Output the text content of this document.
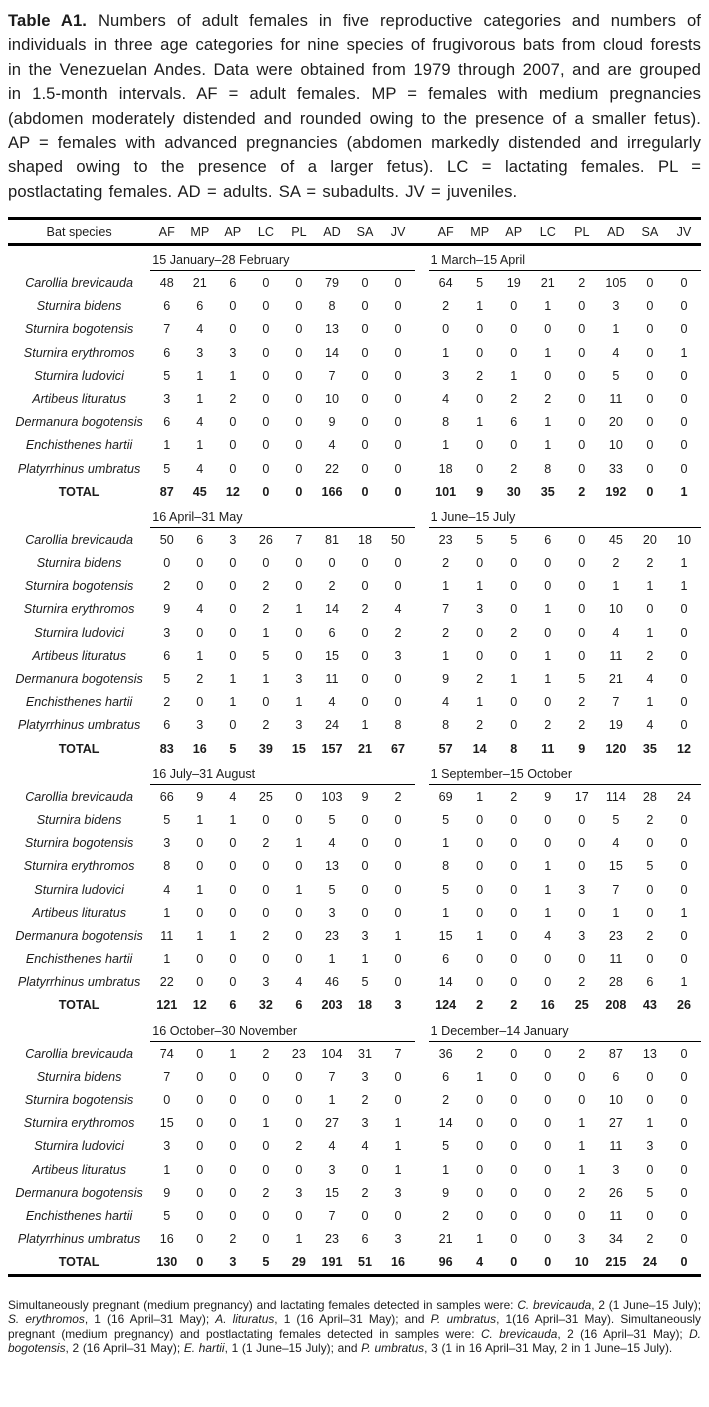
Table A1. Numbers of adult females in five reproductive categories and numbers of individuals in three age categories for nine species of frugivorous bats from cloud forests in the Venezuelan Andes. Data were obtained from 1979 through 2007, and are grouped in 1.5-month intervals. AF = adult females. MP = females with medium pregnancies (abdomen moderately distended and rounded owing to the presence of a smaller fetus). AP = females with advanced pregnancies (abdomen markedly distended and irregularly shaped owing to the presence of a larger fetus). LC = lactating females. PL = postlactating females. AD = adults. SA = subadults. JV = juveniles.
Bat species	AF	MP	AP	LC	PL	AD	SA	JV		AF	MP	AP	LC	PL	AD	SA	JV
	15 January–28 February									1 March–15 April							
Carollia brevicauda	48	21	6	0	0	79	0	0		64	5	19	21	2	105	0	0
Sturnira bidens	6	6	0	0	0	8	0	0		2	1	0	1	0	3	0	0
Sturnira bogotensis	7	4	0	0	0	13	0	0		0	0	0	0	0	1	0	0
Sturnira erythromos	6	3	3	0	0	14	0	0		1	0	0	1	0	4	0	1
Sturnira ludovici	5	1	1	0	0	7	0	0		3	2	1	0	0	5	0	0
Artibeus lituratus	3	1	2	0	0	10	0	0		4	0	2	2	0	11	0	0
Dermanura bogotensis	6	4	0	0	0	9	0	0		8	1	6	1	0	20	0	0
Enchisthenes hartii	1	1	0	0	0	4	0	0		1	0	0	1	0	10	0	0
Platyrrhinus umbratus	5	4	0	0	0	22	0	0		18	0	2	8	0	33	0	0
TOTAL	87	45	12	0	0	166	0	0		101	9	30	35	2	192	0	1
	16 April–31 May									1 June–15 July							
Carollia brevicauda	50	6	3	26	7	81	18	50		23	5	5	6	0	45	20	10
Sturnira bidens	0	0	0	0	0	0	0	0		2	0	0	0	0	2	2	1
Sturnira bogotensis	2	0	0	2	0	2	0	0		1	1	0	0	0	1	1	1
Sturnira erythromos	9	4	0	2	1	14	2	4		7	3	0	1	0	10	0	0
Sturnira ludovici	3	0	0	1	0	6	0	2		2	0	2	0	0	4	1	0
Artibeus lituratus	6	1	0	5	0	15	0	3		1	0	0	1	0	11	2	0
Dermanura bogotensis	5	2	1	1	3	11	0	0		9	2	1	1	5	21	4	0
Enchisthenes hartii	2	0	1	0	1	4	0	0		4	1	0	0	2	7	1	0
Platyrrhinus umbratus	6	3	0	2	3	24	1	8		8	2	0	2	2	19	4	0
TOTAL	83	16	5	39	15	157	21	67		57	14	8	11	9	120	35	12
	16 July–31 August									1 September–15 October							
Carollia brevicauda	66	9	4	25	0	103	9	2		69	1	2	9	17	114	28	24
Sturnira bidens	5	1	1	0	0	5	0	0		5	0	0	0	0	5	2	0
Sturnira bogotensis	3	0	0	2	1	4	0	0		1	0	0	0	0	4	0	0
Sturnira erythromos	8	0	0	0	0	13	0	0		8	0	0	1	0	15	5	0
Sturnira ludovici	4	1	0	0	1	5	0	0		5	0	0	1	3	7	0	0
Artibeus lituratus	1	0	0	0	0	3	0	0		1	0	0	1	0	1	0	1
Dermanura bogotensis	11	1	1	2	0	23	3	1		15	1	0	4	3	23	2	0
Enchisthenes hartii	1	0	0	0	0	1	1	0		6	0	0	0	0	11	0	0
Platyrrhinus umbratus	22	0	0	3	4	46	5	0		14	0	0	0	2	28	6	1
TOTAL	121	12	6	32	6	203	18	3		124	2	2	16	25	208	43	26
	16 October–30 November									1 December–14 January							
Carollia brevicauda	74	0	1	2	23	104	31	7		36	2	0	0	2	87	13	0
Sturnira bidens	7	0	0	0	0	7	3	0		6	1	0	0	0	6	0	0
Sturnira bogotensis	0	0	0	0	0	1	2	0		2	0	0	0	0	10	0	0
Sturnira erythromos	15	0	0	1	0	27	3	1		14	0	0	0	1	27	1	0
Sturnira ludovici	3	0	0	0	2	4	4	1		5	0	0	0	1	11	3	0
Artibeus lituratus	1	0	0	0	0	3	0	1		1	0	0	0	1	3	0	0
Dermanura bogotensis	9	0	0	2	3	15	2	3		9	0	0	0	2	26	5	0
Enchisthenes hartii	5	0	0	0	0	7	0	0		2	0	0	0	0	11	0	0
Platyrrhinus umbratus	16	0	2	0	1	23	6	3		21	1	0	0	3	34	2	0
TOTAL	130	0	3	5	29	191	51	16		96	4	0	0	10	215	24	0
Simultaneously pregnant (medium pregnancy) and lactating females detected in samples were: C. brevicauda, 2 (1 June–15 July); S. erythromos, 1 (16 April–31 May); A. lituratus, 1 (16 April–31 May); and P. umbratus, 1(16 April–31 May). Simultaneously pregnant (medium pregnancy) and postlactating females detected in samples were: C. brevicauda, 2 (16 April–31 May); D. bogotensis, 2 (16 April–31 May); E. hartii, 1 (1 June–15 July); and P. umbratus, 3 (1 in 16 April–31 May, 2 in 1 June–15 July).
